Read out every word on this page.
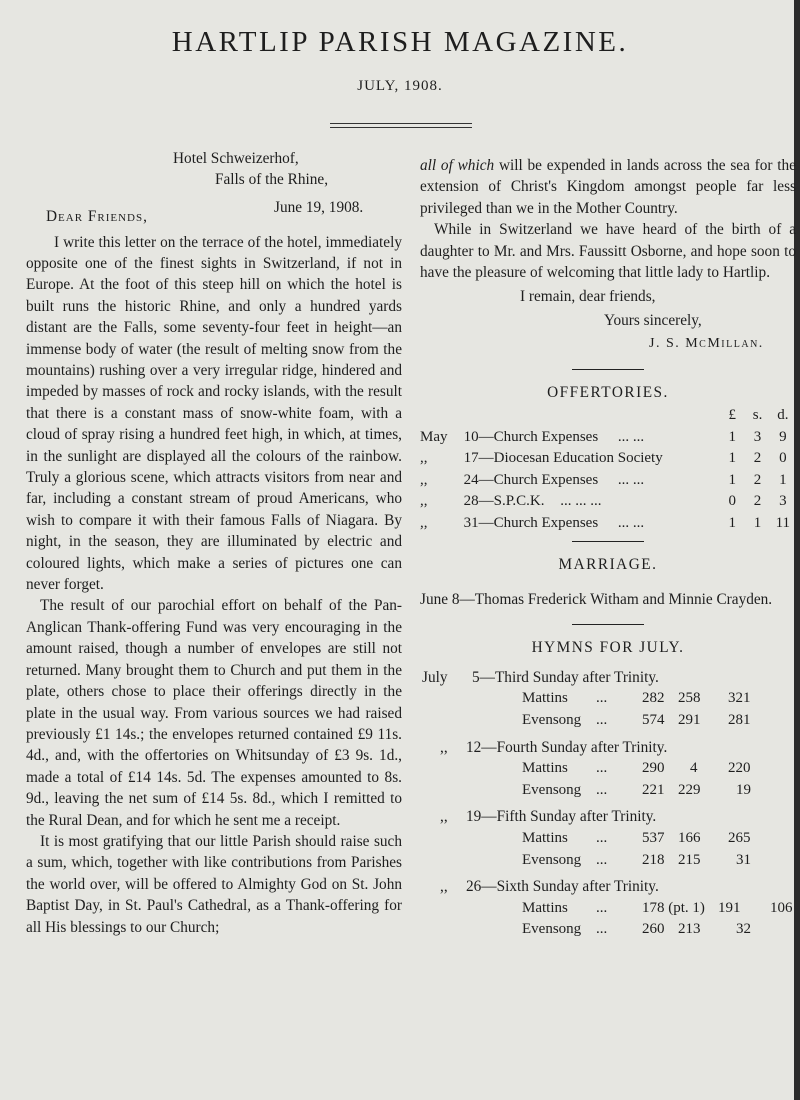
HARTLIP PARISH MAGAZINE.
JULY, 1908.
Hotel Schweizerhof,
Falls of the Rhine,
June 19, 1908.
Dear Friends,

I write this letter on the terrace of the hotel, immediately opposite one of the finest sights in Switzerland, if not in Europe. At the foot of this steep hill on which the hotel is built runs the historic Rhine, and only a hundred yards distant are the Falls, some seventy-four feet in height—an immense body of water (the result of melting snow from the mountains) rushing over a very irregular ridge, hindered and impeded by masses of rock and rocky islands, with the result that there is a constant mass of snow-white foam, with a cloud of spray rising a hundred feet high, in which, at times, in the sunlight are displayed all the colours of the rainbow. Truly a glorious scene, which attracts visitors from near and far, including a constant stream of proud Americans, who wish to compare it with their famous Falls of Niagara. By night, in the season, they are illuminated by electric and coloured lights, which make a series of pictures one can never forget.

The result of our parochial effort on behalf of the Pan-Anglican Thank-offering Fund was very encouraging in the amount raised, though a number of envelopes are still not returned. Many brought them to Church and put them in the plate, others chose to place their offerings directly in the plate in the usual way. From various sources we had raised previously £1 14s.; the envelopes returned contained £9 11s. 4d., and, with the offertories on Whitsunday of £3 9s. 1d., made a total of £14 14s. 5d. The expenses amounted to 8s. 9d., leaving the net sum of £14 5s. 8d., which I remitted to the Rural Dean, and for which he sent me a receipt.

It is most gratifying that our little Parish should raise such a sum, which, together with like contributions from Parishes the world over, will be offered to Almighty God on St. John Baptist Day, in St. Paul's Cathedral, as a Thank-offering for all His blessings to our Church;

all of which will be expended in lands across the sea for the extension of Christ's Kingdom amongst people far less privileged than we in the Mother Country.

While in Switzerland we have heard of the birth of a daughter to Mr. and Mrs. Faussitt Osborne, and hope soon to have the pleasure of welcoming that little lady to Hartlip.

I remain, dear friends,
Yours sincerely,
J. S. McMillan.
OFFERTORIES.
			£	s.	d.
May	10	—Church Expenses ... ...	1	3	9
,,	17	—Diocesan Education Society	1	2	0
,,	24	—Church Expenses ... ...	1	2	1
,,	28	—S.P.C.K. ... ... ...	0	2	3
,,	31	—Church Expenses ... ...	1	1	11
MARRIAGE.

June 8—Thomas Frederick Witham and Minnie Crayden.

HYMNS FOR JULY.
July 5—Third Sunday after Trinity.
Mattins ... 282 258 321
Evensong ... 574 291 281
,, 12—Fourth Sunday after Trinity.
Mattins ... 290 4 220
Evensong ... 221 229 19
,, 19—Fifth Sunday after Trinity.
Mattins ... 537 166 265
Evensong ... 218 215 31
,, 26—Sixth Sunday after Trinity.
Mattins ... 178 (pt. 1) 191 106
Evensong ... 260 213 32
